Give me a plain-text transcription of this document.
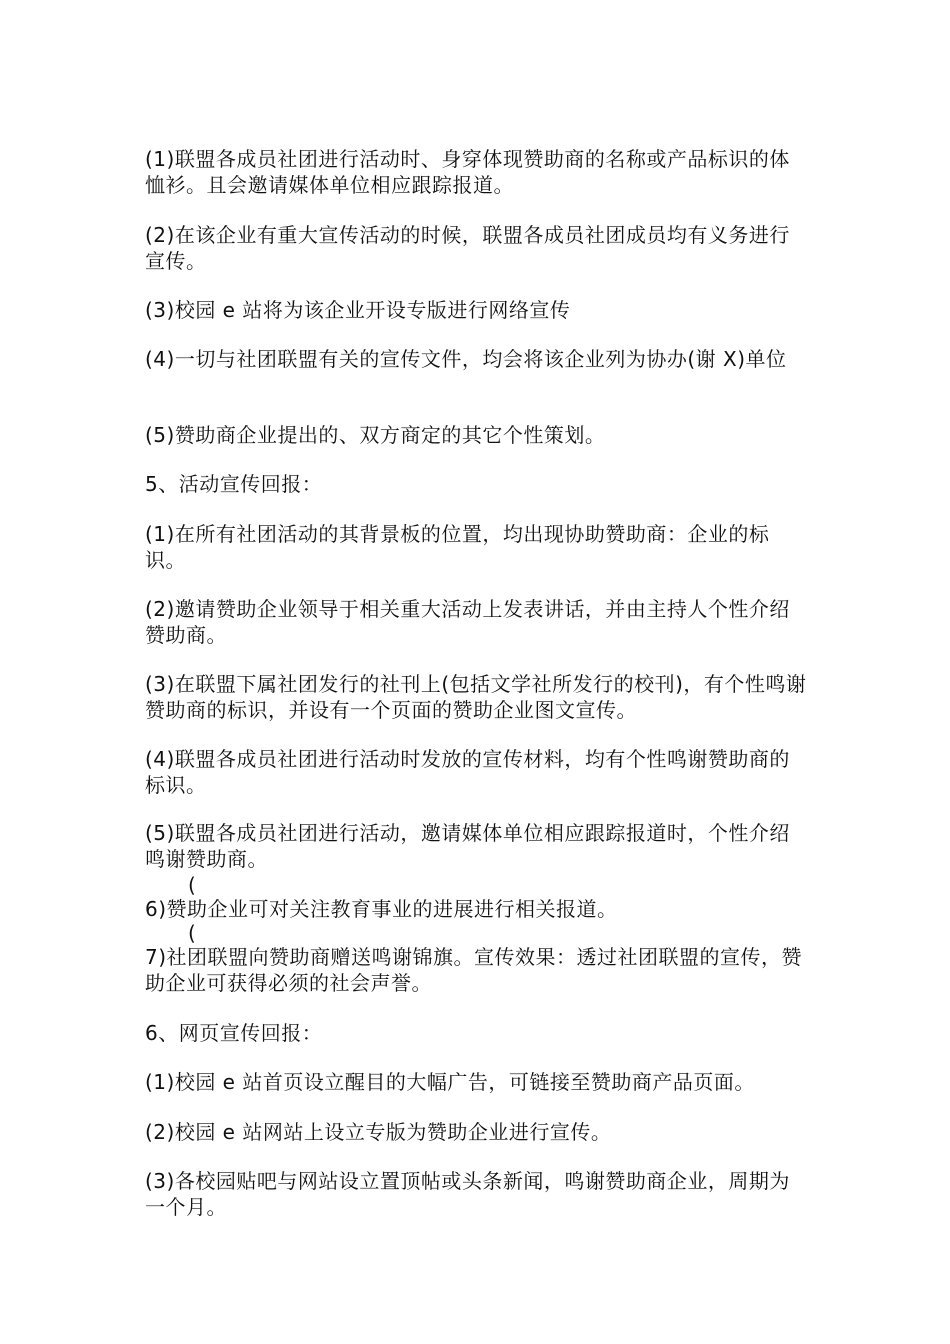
(1)联盟各成员社团进行活动时、身穿体现赞助商的名称或产品标识的体恤衫。且会邀请媒体单位相应跟踪报道。

(2)在该企业有重大宣传活动的时候，联盟各成员社团成员均有义务进行宣传。

(3)校园 e 站将为该企业开设专版进行网络宣传

(4)一切与社团联盟有关的宣传文件，均会将该企业列为协办(谢 X)单位

(5)赞助商企业提出的、双方商定的其它个性策划。

5、活动宣传回报：

(1)在所有社团活动的其背景板的位置，均出现协助赞助商：企业的标识。

(2)邀请赞助企业领导于相关重大活动上发表讲话，并由主持人个性介绍赞助商。

(3)在联盟下属社团发行的社刊上(包括文学社所发行的校刊)，有个性鸣谢赞助商的标识，并设有一个页面的赞助企业图文宣传。

(4)联盟各成员社团进行活动时发放的宣传材料，均有个性鸣谢赞助商的标识。

(5)联盟各成员社团进行活动，邀请媒体单位相应跟踪报道时，个性介绍鸣谢赞助商。

(

6)赞助企业可对关注教育事业的进展进行相关报道。

(

7)社团联盟向赞助商赠送鸣谢锦旗。宣传效果：透过社团联盟的宣传，赞助企业可获得必须的社会声誉。

6、网页宣传回报：

(1)校园 e 站首页设立醒目的大幅广告，可链接至赞助商产品页面。

(2)校园 e 站网站上设立专版为赞助企业进行宣传。

(3)各校园贴吧与网站设立置顶帖或头条新闻，鸣谢赞助商企业，周期为一个月。
